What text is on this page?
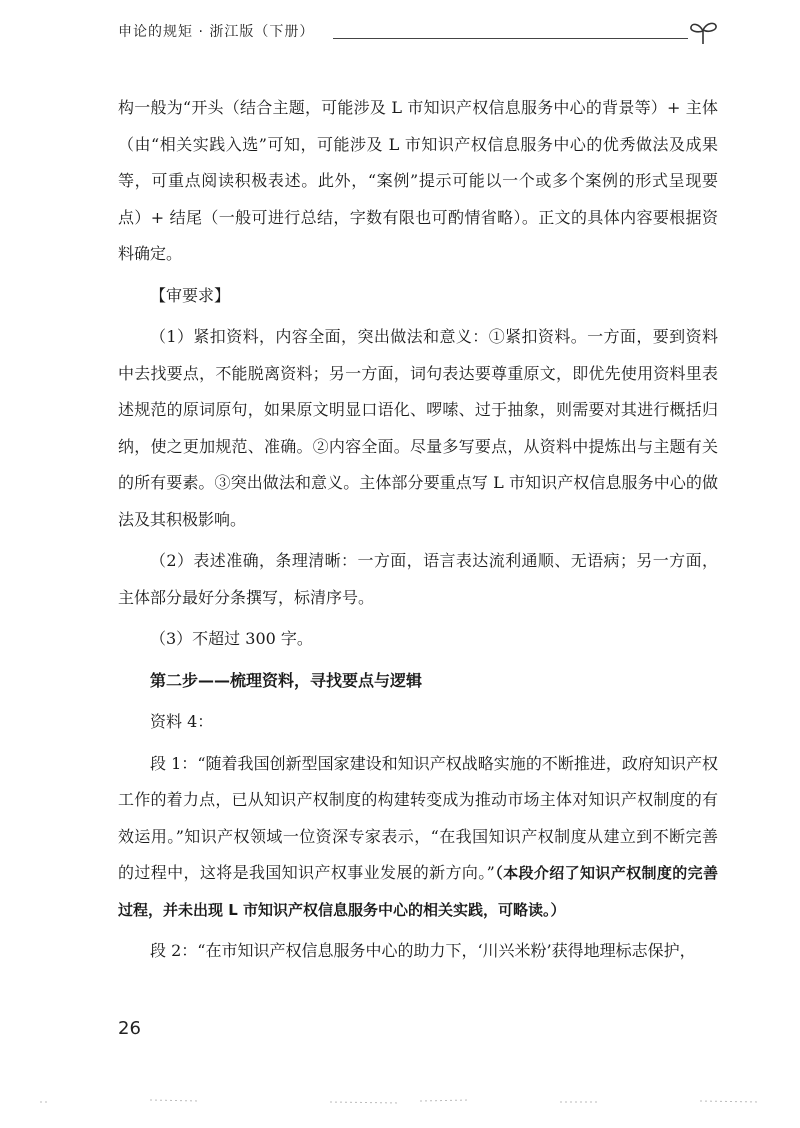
申论的规矩 · 浙江版（下册）

构一般为“开头（结合主题，可能涉及 L 市知识产权信息服务中心的背景等）+ 主体（由“相关实践入选”可知，可能涉及 L 市知识产权信息服务中心的优秀做法及成果等，可重点阅读积极表述。此外，“案例”提示可能以一个或多个案例的形式呈现要点）+ 结尾（一般可进行总结，字数有限也可酌情省略）。正文的具体内容要根据资料确定。

【审要求】

（1）紧扣资料，内容全面，突出做法和意义：①紧扣资料。一方面，要到资料中去找要点，不能脱离资料；另一方面，词句表达要尊重原文，即优先使用资料里表述规范的原词原句，如果原文明显口语化、啰嗦、过于抽象，则需要对其进行概括归纳，使之更加规范、准确。②内容全面。尽量多写要点，从资料中提炼出与主题有关的所有要素。③突出做法和意义。主体部分要重点写 L 市知识产权信息服务中心的做法及其积极影响。

（2）表述准确，条理清晰：一方面，语言表达流利通顺、无语病；另一方面，主体部分最好分条撰写，标清序号。

（3）不超过 300 字。

第二步——梳理资料，寻找要点与逻辑

资料 4：

段 1：“随着我国创新型国家建设和知识产权战略实施的不断推进，政府知识产权工作的着力点，已从知识产权制度的构建转变成为推动市场主体对知识产权制度的有效运用。”知识产权领域一位资深专家表示，“在我国知识产权制度从建立到不断完善的过程中，这将是我国知识产权事业发展的新方向。”（本段介绍了知识产权制度的完善过程，并未出现 L 市知识产权信息服务中心的相关实践，可略读。）

段 2：“在市知识产权信息服务中心的助力下，‘川兴米粉’获得地理标志保护，

26
